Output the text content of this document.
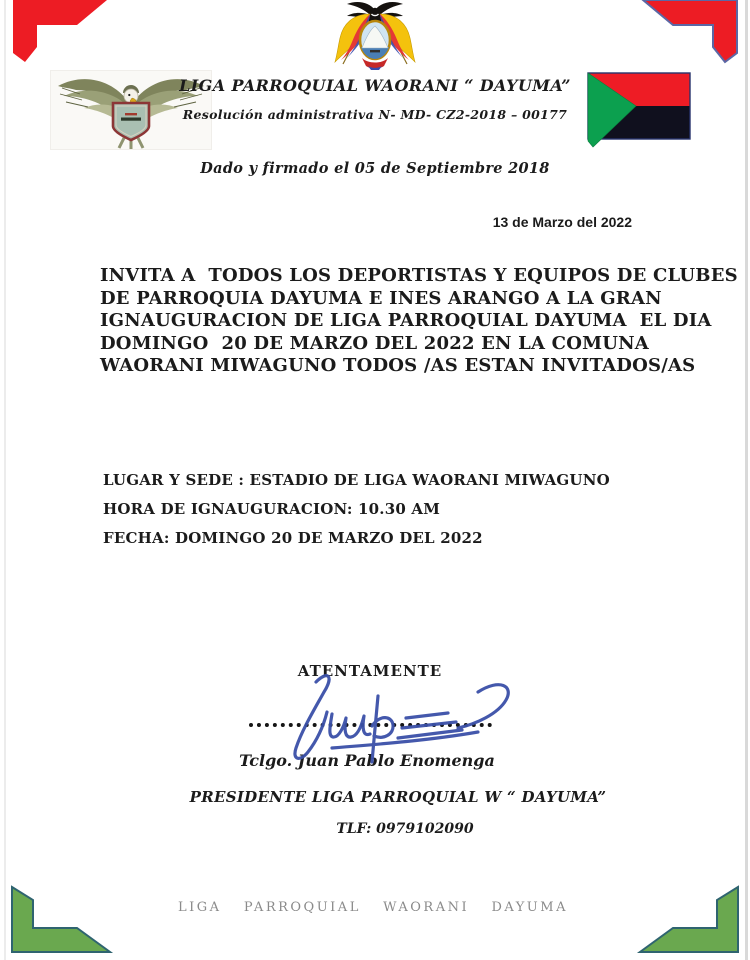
LIGA PARROQUIAL WAORANI “ DAYUMA”
Resolución administrativa N- MD- CZ2-2018 – 00177
Dado y firmado el 05 de Septiembre 2018
13 de Marzo del 2022
INVITA A  TODOS LOS DEPORTISTAS Y EQUIPOS DE CLUBES
DE PARROQUIA DAYUMA E INES ARANGO A LA GRAN
IGNAUGURACION DE LIGA PARROQUIAL DAYUMA  EL DIA
DOMINGO  20 DE MARZO DEL 2022 EN LA COMUNA
WAORANI MIWAGUNO TODOS /AS ESTAN INVITADOS/AS
LUGAR Y SEDE : ESTADIO DE LIGA WAORANI MIWAGUNO
HORA DE IGNAUGURACION: 10.30 AM
FECHA: DOMINGO 20 DE MARZO DEL 2022
ATENTAMENTE
Tclgo. Juan Pablo Enomenga
PRESIDENTE LIGA PARROQUIAL W “ DAYUMA”
TLF: 0979102090
LIGA PARROQUIAL WAORANI DAYUMA
